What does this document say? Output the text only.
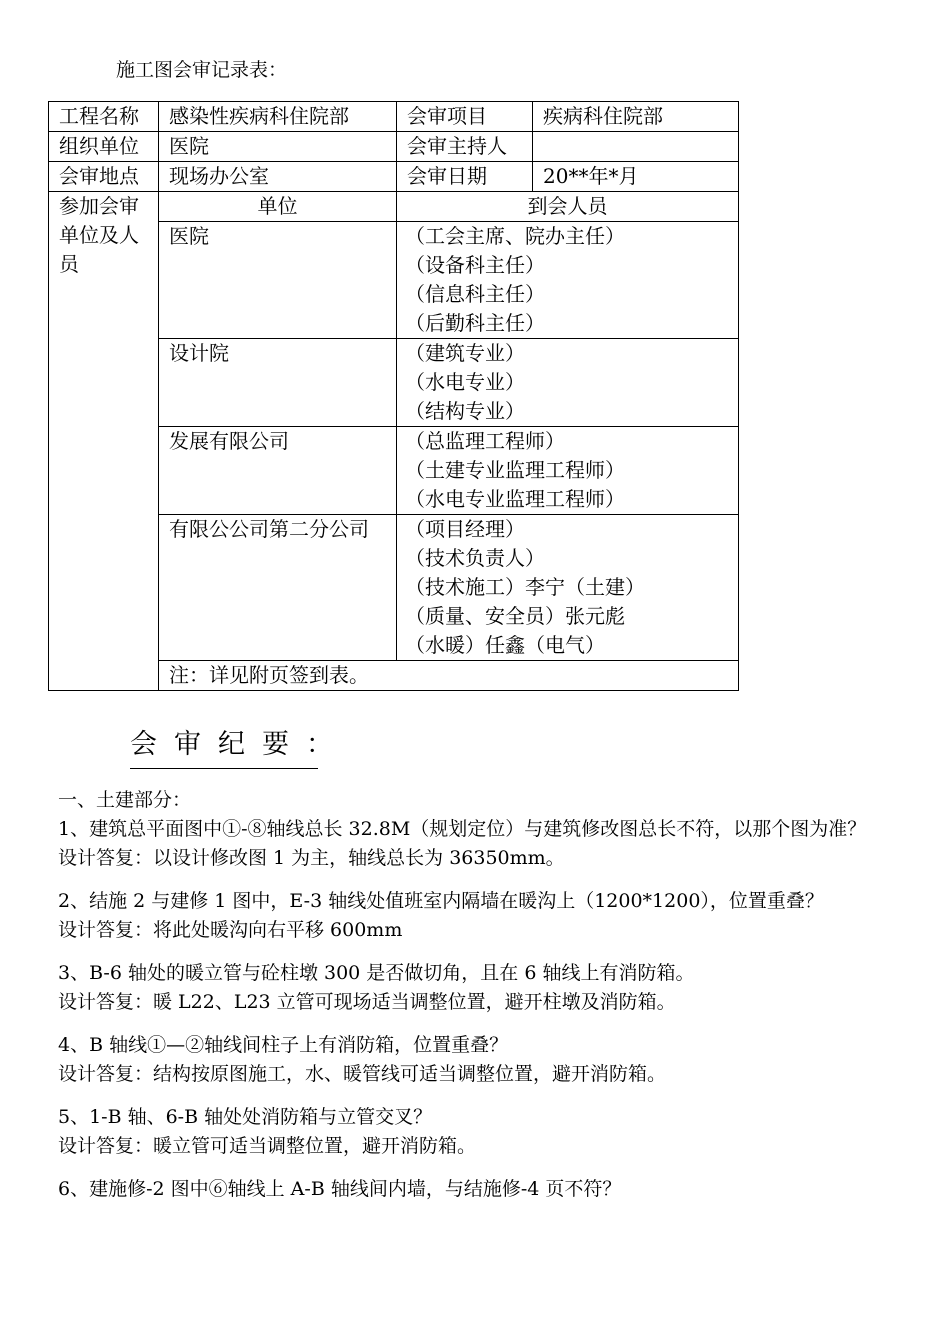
施工图会审记录表：
工程名称	感染性疾病科住院部	会审项目	疾病科住院部
组织单位	医院	会审主持人	
会审地点	现场办公室	会审日期	20**年*月
参加会审单位及人员	单位	到会人员	
	医院	（工会主席、院办主任）
（设备科主任）
（信息科主任）
（后勤科主任）	

	设计院	（建筑专业）
（水电专业）
（结构专业）	

	发展有限公司	（总监理工程师）
（土建专业监理工程师）
（水电专业监理工程师）	

	有限公公司第二分公司	（项目经理）
（技术负责人）
（技术施工）李宁（土建）
（质量、安全员）张元彪
（水暖）任鑫（电气）	

	注：详见附页签到表。		
会审纪要：

一、土建部分：

1、建筑总平面图中①-⑧轴线总长 32.8M（规划定位）与建筑修改图总长不符，以那个图为准？

设计答复：以设计修改图 1 为主，轴线总长为 36350mm。

2、结施 2 与建修 1 图中，E-3 轴线处值班室内隔墙在暖沟上（1200*1200），位置重叠？

设计答复：将此处暖沟向右平移 600mm

3、B-6 轴处的暖立管与砼柱墩 300 是否做切角，且在 6 轴线上有消防箱。

设计答复：暖 L22、L23 立管可现场适当调整位置，避开柱墩及消防箱。

4、B 轴线①—②轴线间柱子上有消防箱，位置重叠？

设计答复：结构按原图施工，水、暖管线可适当调整位置，避开消防箱。

5、1-B 轴、6-B 轴处处消防箱与立管交叉？

设计答复：暖立管可适当调整位置，避开消防箱。

6、建施修-2 图中⑥轴线上 A-B 轴线间内墙，与结施修-4 页不符？
